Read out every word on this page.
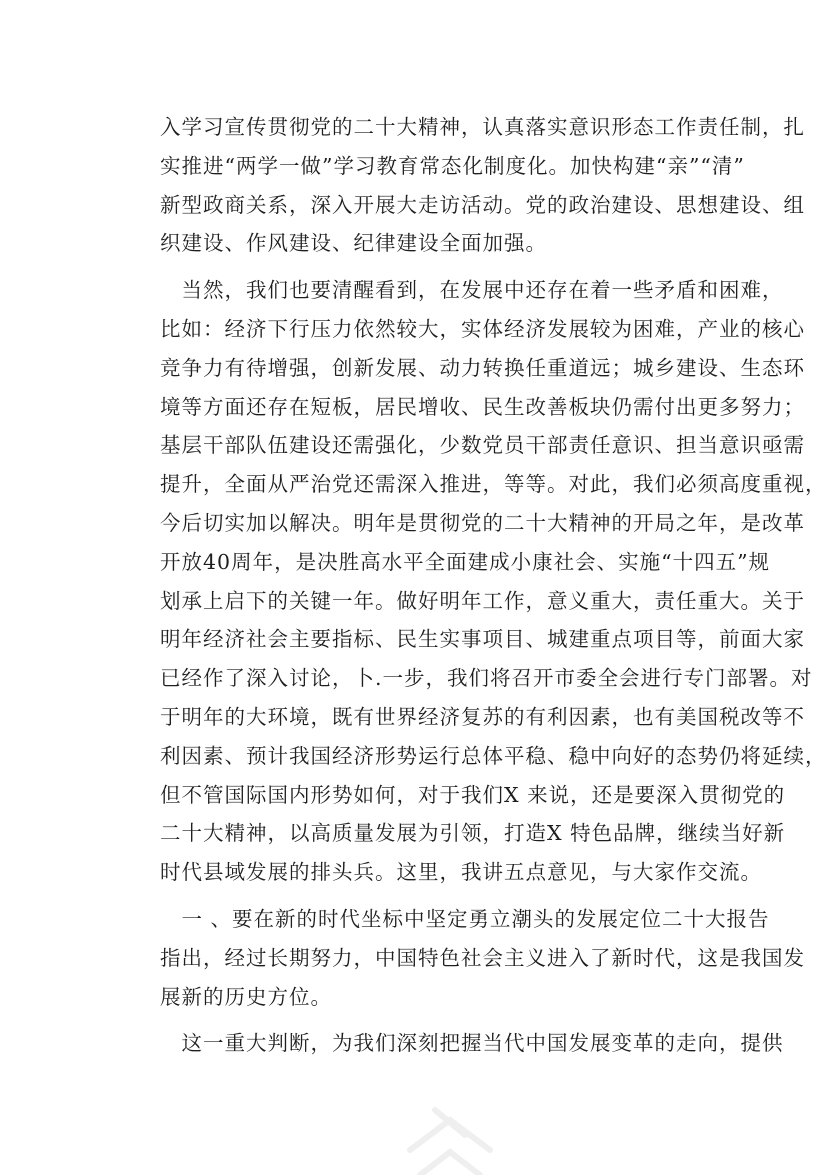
入学习宣传贯彻党的二十大精神，认真落实意识形态工作责任制，扎
实推进“两学一做”学习教育常态化制度化。加快构建“亲”“清”
新型政商关系，深入开展大走访活动。党的政治建设、思想建设、组
织建设、作风建设、纪律建设全面加强。
　当然，我们也要清醒看到，在发展中还存在着一些矛盾和困难，
比如：经济下行压力依然较大，实体经济发展较为困难，产业的核心
竞争力有待增强，创新发展、动力转换任重道远；城乡建设、生态环
境等方面还存在短板，居民增收、民生改善板块仍需付出更多努力；
基层干部队伍建设还需强化，少数党员干部责任意识、担当意识亟需
提升，全面从严治党还需深入推进，等等。对此，我们必须高度重视，
今后切实加以解决。明年是贯彻党的二十大精神的开局之年，是改革
开放40周年，是决胜高水平全面建成小康社会、实施“十四五”规
划承上启下的关键一年。做好明年工作，意义重大，责任重大。关于
明年经济社会主要指标、民生实事项目、城建重点项目等，前面大家
已经作了深入讨论，卜.一步，我们将召开市委全会进行专门部署。对
于明年的大环境，既有世界经济复苏的有利因素，也有美国税改等不
利因素、预计我国经济形势运行总体平稳、稳中向好的态势仍将延续，
但不管国际国内形势如何，对于我们X 来说，还是要深入贯彻党的
二十大精神，以高质量发展为引领，打造X 特色品牌，继续当好新
时代县域发展的排头兵。这里，我讲五点意见，与大家作交流。
　一 、要在新的时代坐标中坚定勇立潮头的发展定位二十大报告
指出，经过长期努力，中国特色社会主义进入了新时代，这是我国发
展新的历史方位。
　这一重大判断，为我们深刻把握当代中国发展变革的走向，提供
